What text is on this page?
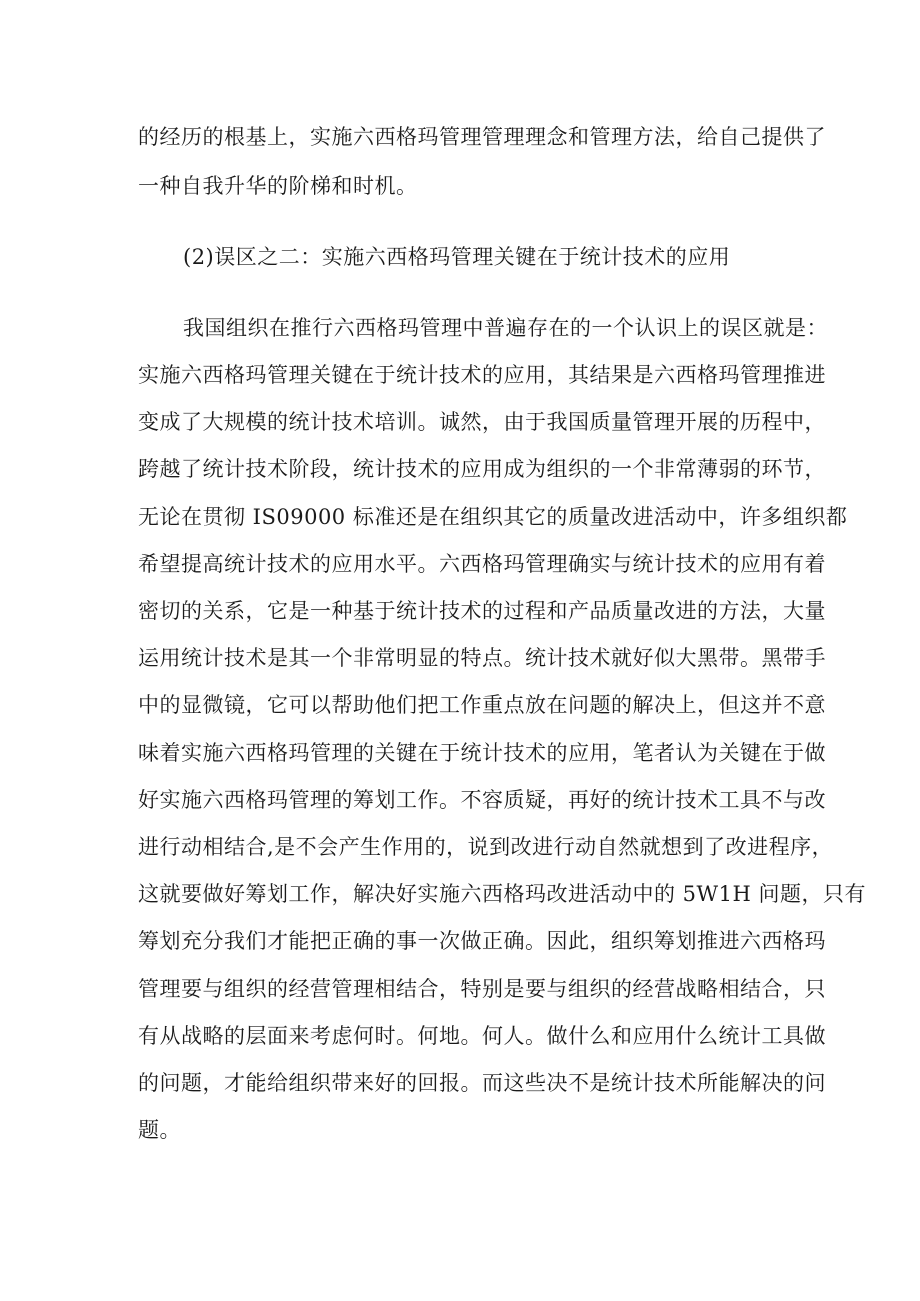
的经历的根基上，实施六西格玛管理管理理念和管理方法，给自己提供了
一种自我升华的阶梯和时机。
(2)误区之二：实施六西格玛管理关键在于统计技术的应用
我国组织在推行六西格玛管理中普遍存在的一个认识上的误区就是：
实施六西格玛管理关键在于统计技术的应用，其结果是六西格玛管理推进
变成了大规模的统计技术培训。诚然，由于我国质量管理开展的历程中，
跨越了统计技术阶段，统计技术的应用成为组织的一个非常薄弱的环节，
无论在贯彻 IS09000 标准还是在组织其它的质量改进活动中，许多组织都
希望提高统计技术的应用水平。六西格玛管理确实与统计技术的应用有着
密切的关系，它是一种基于统计技术的过程和产品质量改进的方法，大量
运用统计技术是其一个非常明显的特点。统计技术就好似大黑带。黑带手
中的显微镜，它可以帮助他们把工作重点放在问题的解决上，但这并不意
味着实施六西格玛管理的关键在于统计技术的应用，笔者认为关键在于做
好实施六西格玛管理的筹划工作。不容质疑，再好的统计技术工具不与改
进行动相结合,是不会产生作用的，说到改进行动自然就想到了改进程序，
这就要做好筹划工作，解决好实施六西格玛改进活动中的 5W1H 问题，只有
筹划充分我们才能把正确的事一次做正确。因此，组织筹划推进六西格玛
管理要与组织的经营管理相结合，特别是要与组织的经营战略相结合，只
有从战略的层面来考虑何时。何地。何人。做什么和应用什么统计工具做
的问题，才能给组织带来好的回报。而这些决不是统计技术所能解决的问
题。
